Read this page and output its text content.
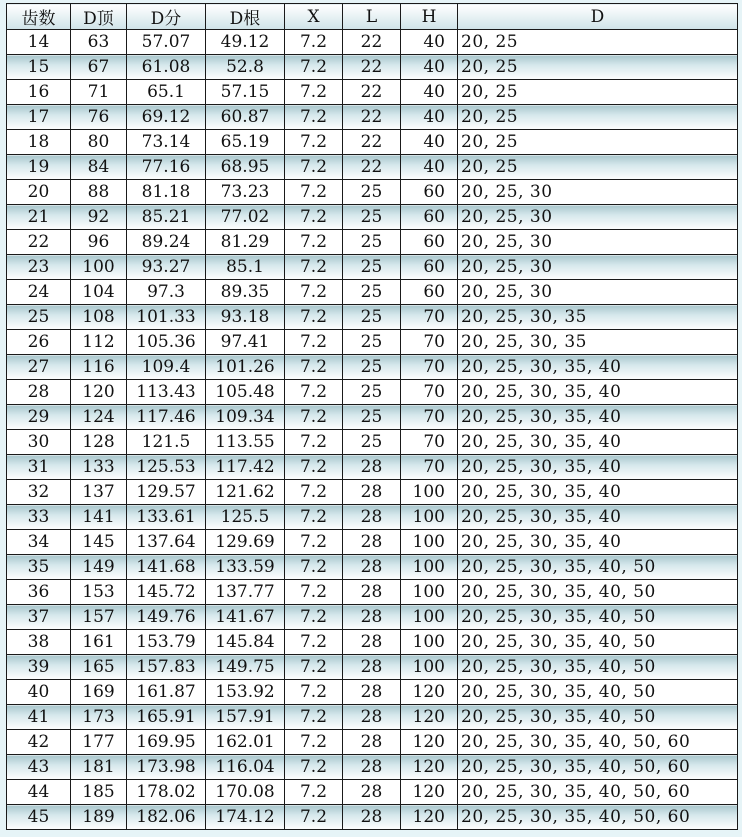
齿数	D顶	D分	D根	X	L	H	D
14	63	57.07	49.12	7.2	22	40	20, 25
15	67	61.08	52.8	7.2	22	40	20, 25
16	71	65.1	57.15	7.2	22	40	20, 25
17	76	69.12	60.87	7.2	22	40	20, 25
18	80	73.14	65.19	7.2	22	40	20, 25
19	84	77.16	68.95	7.2	22	40	20, 25
20	88	81.18	73.23	7.2	25	60	20, 25, 30
21	92	85.21	77.02	7.2	25	60	20, 25, 30
22	96	89.24	81.29	7.2	25	60	20, 25, 30
23	100	93.27	85.1	7.2	25	60	20, 25, 30
24	104	97.3	89.35	7.2	25	60	20, 25, 30
25	108	101.33	93.18	7.2	25	70	20, 25, 30, 35
26	112	105.36	97.41	7.2	25	70	20, 25, 30, 35
27	116	109.4	101.26	7.2	25	70	20, 25, 30, 35, 40
28	120	113.43	105.48	7.2	25	70	20, 25, 30, 35, 40
29	124	117.46	109.34	7.2	25	70	20, 25, 30, 35, 40
30	128	121.5	113.55	7.2	25	70	20, 25, 30, 35, 40
31	133	125.53	117.42	7.2	28	70	20, 25, 30, 35, 40
32	137	129.57	121.62	7.2	28	100	20, 25, 30, 35, 40
33	141	133.61	125.5	7.2	28	100	20, 25, 30, 35, 40
34	145	137.64	129.69	7.2	28	100	20, 25, 30, 35, 40
35	149	141.68	133.59	7.2	28	100	20, 25, 30, 35, 40, 50
36	153	145.72	137.77	7.2	28	100	20, 25, 30, 35, 40, 50
37	157	149.76	141.67	7.2	28	100	20, 25, 30, 35, 40, 50
38	161	153.79	145.84	7.2	28	100	20, 25, 30, 35, 40, 50
39	165	157.83	149.75	7.2	28	100	20, 25, 30, 35, 40, 50
40	169	161.87	153.92	7.2	28	120	20, 25, 30, 35, 40, 50
41	173	165.91	157.91	7.2	28	120	20, 25, 30, 35, 40, 50
42	177	169.95	162.01	7.2	28	120	20, 25, 30, 35, 40, 50, 60
43	181	173.98	116.04	7.2	28	120	20, 25, 30, 35, 40, 50, 60
44	185	178.02	170.08	7.2	28	120	20, 25, 30, 35, 40, 50, 60
45	189	182.06	174.12	7.2	28	120	20, 25, 30, 35, 40, 50, 60
